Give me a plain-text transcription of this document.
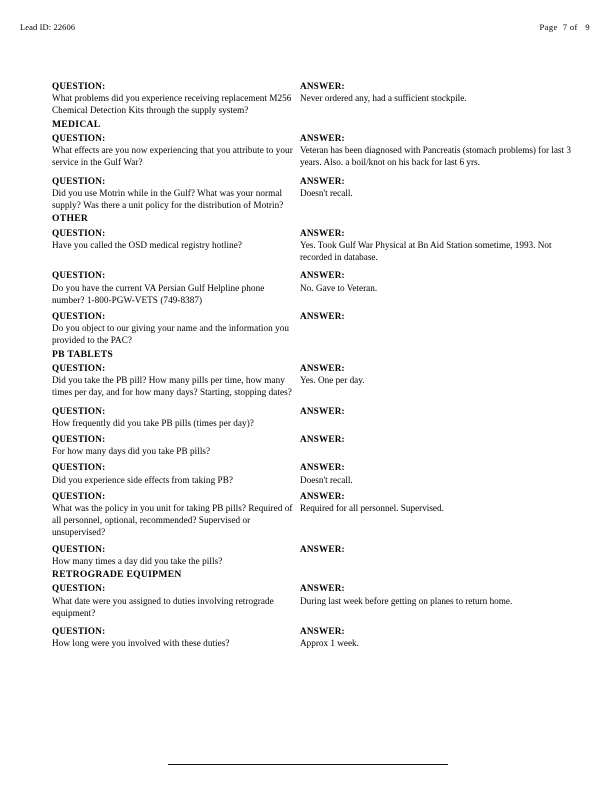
Lead ID: 22606	Page  7 of   9
QUESTION:
What problems did you experience receiving replacement M256 Chemical Detection Kits through the supply system?
ANSWER:
Never ordered any, had a sufficient stockpile.
MEDICAL
QUESTION:
What effects are you now experiencing that you attribute to your service in the Gulf War?
ANSWER:
Veteran has been diagnosed with Pancreatis (stomach problems) for last 3 years. Also. a boil/knot on his back for last 6 yrs.
QUESTION:
Did you use Motrin while in the Gulf? What was your normal supply? Was there a unit policy for the distribution of Motrin?
ANSWER:
Doesn't recall.
OTHER
QUESTION:
Have you called the OSD medical registry hotline?
ANSWER:
Yes. Took Gulf War Physical at Bn Aid Station sometime, 1993. Not recorded in database.
QUESTION:
Do you have the current VA Persian Gulf Helpline phone number? 1-800-PGW-VETS (749-8387)
ANSWER:
No. Gave to Veteran.
QUESTION:
Do you object to our giving your name and the information you provided to the PAC?
ANSWER:
PB TABLETS
QUESTION:
Did you take the PB pill? How many pills per time, how many times per day, and for how many days? Starting, stopping dates?
ANSWER:
Yes. One per day.
QUESTION:
How frequently did you take PB pills (times per day)?
ANSWER:
QUESTION:
For how many days did you take PB pills?
ANSWER:
QUESTION:
Did you experience side effects from taking PB?
ANSWER:
Doesn't recall.
QUESTION:
What was the policy in you unit for taking PB pills? Required of all personnel, optional, recommended? Supervised or unsupervised?
ANSWER:
Required for all personnel. Supervised.
QUESTION:
How many times a day did you take the pills?
ANSWER:
RETROGRADE EQUIPMEN
QUESTION:
What date were you assigned to duties involving retrograde equipment?
ANSWER:
During last week before getting on planes to return home.
QUESTION:
How long were you involved with these duties?
ANSWER:
Approx 1 week.
